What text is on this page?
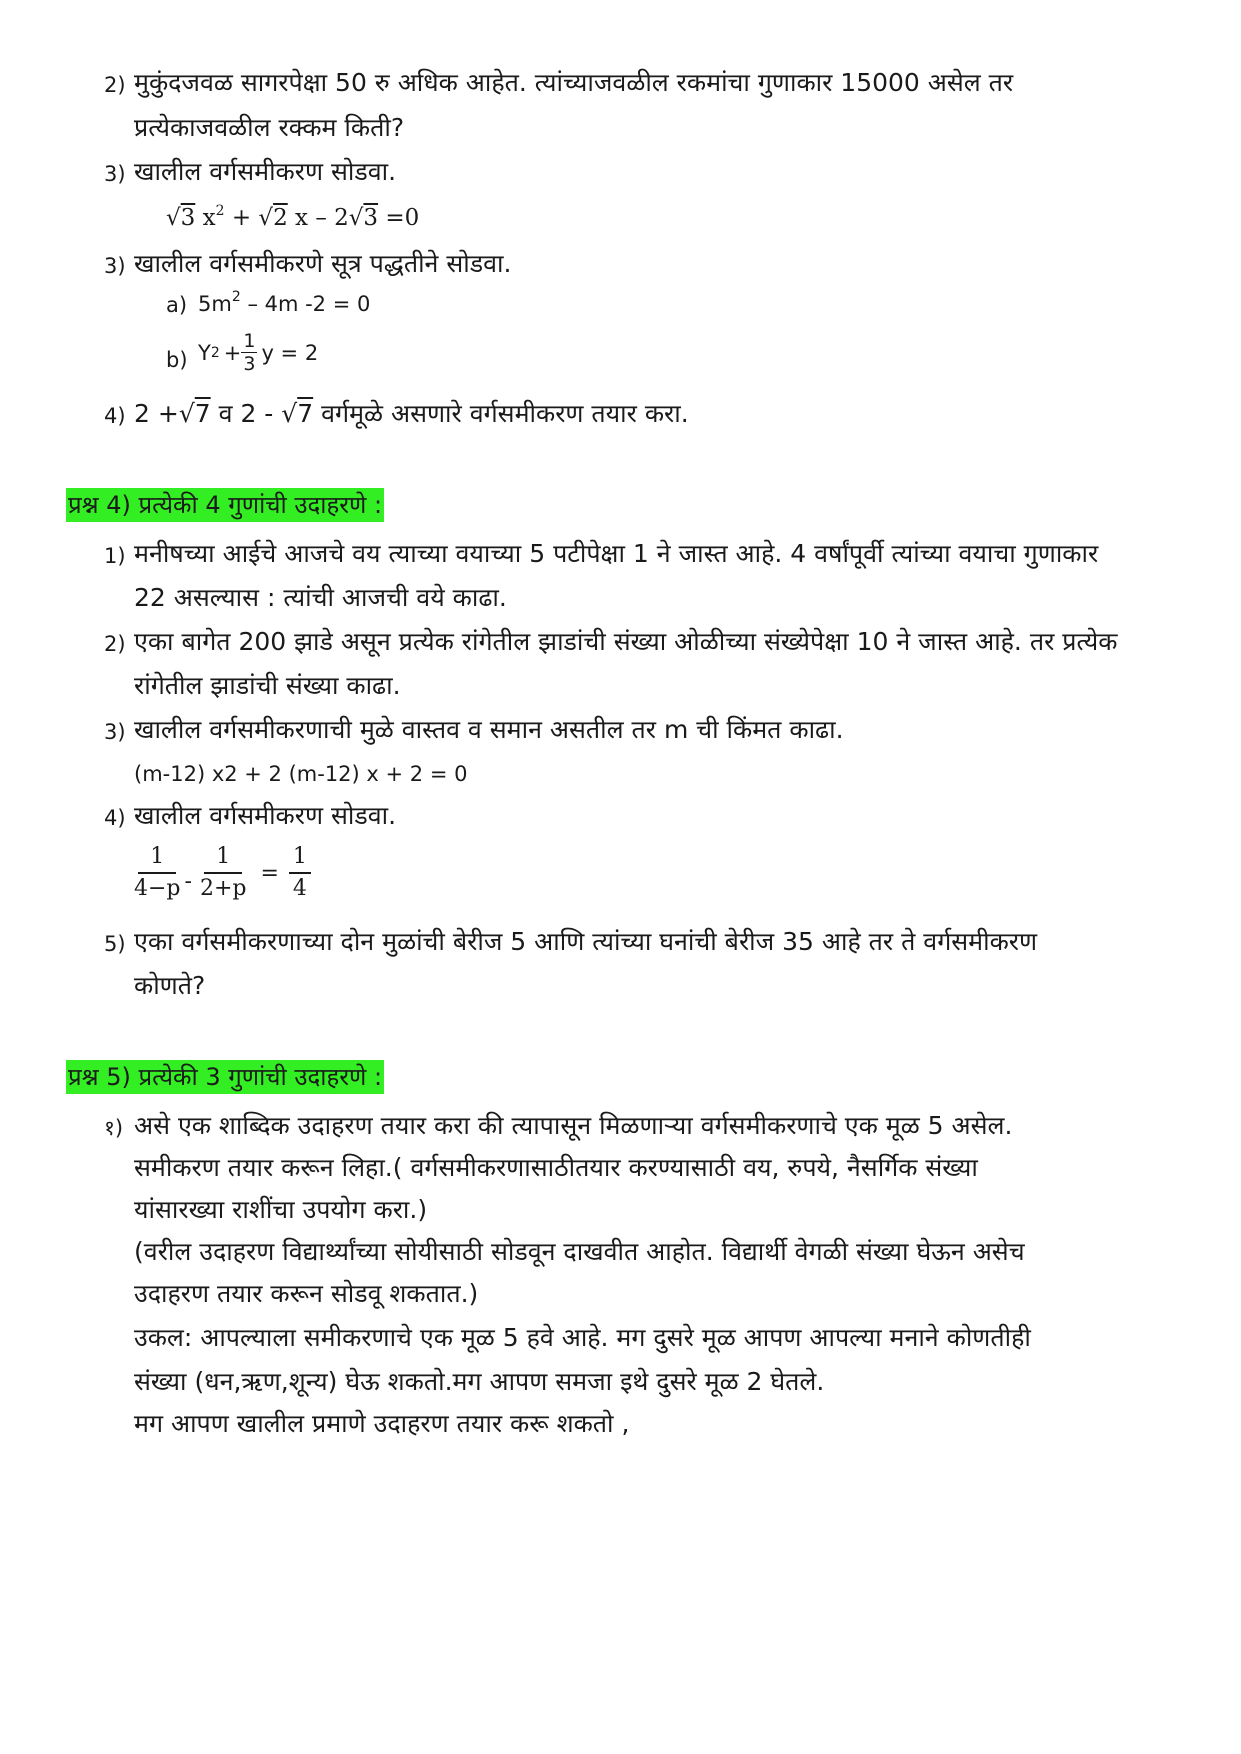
2) मुकुंदजवळ सागरपेक्षा 50 रु अधिक आहेत. त्यांच्याजवळील रकमांचा गुणाकार 15000 असेल तर
प्रत्येकाजवळील रक्कम किती?
3) खालील वर्गसमीकरण सोडवा.
√3 $x^2 + √2$ x – 2√3 =0
3) खालील वर्गसमीकरणे सूत्र पद्धतीने सोडवा.
a) $5m^2 - 4m$ -2 = 0
b) Y $2 + \frac{1}{3}$ y = 2
4) 2 +√7 व 2 - √7 वर्गमूळे असणारे वर्गसमीकरण तयार करा.
प्रश्न 4) प्रत्येकी 4 गुणांची उदाहरणे :
1) मनीषच्या आईचे आजचे वय त्याच्या वयाच्या 5 पटीपेक्षा 1 ने जास्त आहे. 4 वर्षांपूर्वी त्यांच्या वयाचा गुणाकार
22 असल्यास : त्यांची आजची वये काढा.
2) एका बागेत 200 झाडे असून प्रत्येक रांगेतील झाडांची संख्या ओळीच्या संख्येपेक्षा 10 ने जास्त आहे. तर प्रत्येक
रांगेतील झाडांची संख्या काढा.
3) खालील वर्गसमीकरणाची मुळे वास्तव व समान असतील तर m ची किंमत काढा.
(m-12) x2 + 2 (m-12) x + 2 = 0
4) खालील वर्गसमीकरण सोडवा.
$\frac{1}{4-p} - \frac{1}{2+p} = \frac{1}{4}$
5) एका वर्गसमीकरणाच्या दोन मुळांची बेरीज 5 आणि त्यांच्या घनांची बेरीज 35 आहे तर ते वर्गसमीकरण
कोणते?
प्रश्न 5) प्रत्येकी 3 गुणांची उदाहरणे :
१) असे एक शाब्दिक उदाहरण तयार करा की त्यापासून मिळणाऱ्या वर्गसमीकरणाचे एक मूळ 5 असेल.
समीकरण तयार करून लिहा.( वर्गसमीकरणासाठीतयार करण्यासाठी वय, रुपये, नैसर्गिक संख्या
यांसारख्या राशींचा उपयोग करा.)
(वरील उदाहरण विद्यार्थ्यांच्या सोयीसाठी सोडवून दाखवीत आहोत. विद्यार्थी वेगळी संख्या घेऊन असेच
उदाहरण तयार करून सोडवू शकतात.)
उकल: आपल्याला समीकरणाचे एक मूळ 5 हवे आहे. मग दुसरे मूळ आपण आपल्या मनाने कोणतीही
संख्या (धन,ऋण,शून्य) घेऊ शकतो.मग आपण समजा इथे दुसरे मूळ 2 घेतले.
मग आपण खालील प्रमाणे उदाहरण तयार करू शकतो ,
